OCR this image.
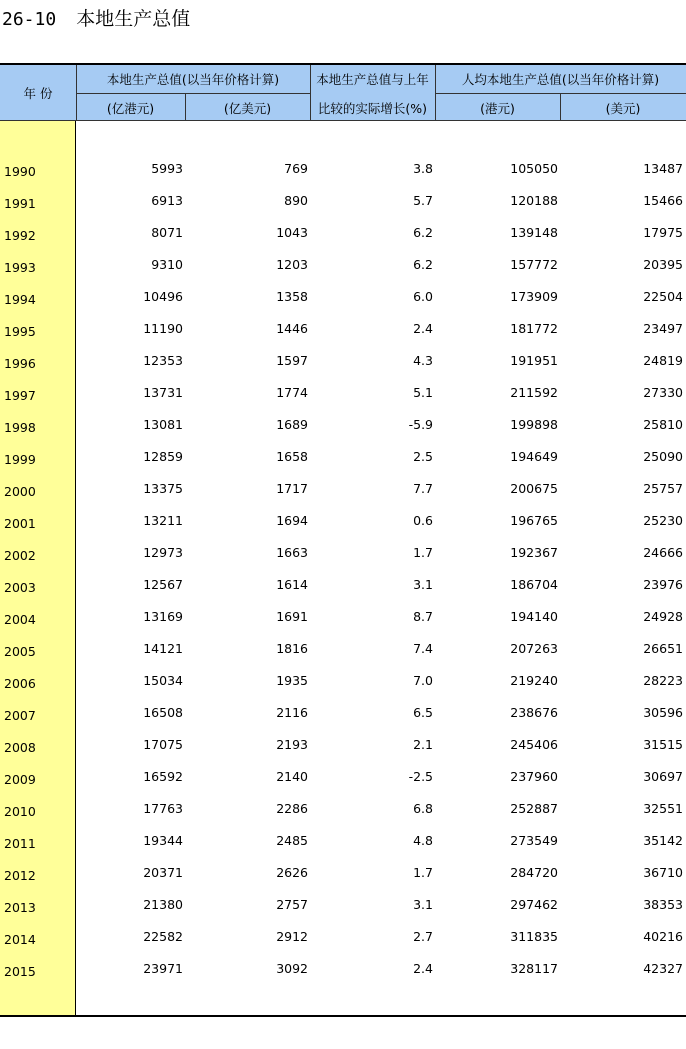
26-10 本地生产总值
年 份
本地生产总值(以当年价格计算)
(亿港元)	(亿美元)
本地生产总值与上年
比较的实际增长(%)
人均本地生产总值(以当年价格计算)
(港元)	(美元)
1990	5993	769	3.8	105050	13487
1991	6913	890	5.7	120188	15466
1992	8071	1043	6.2	139148	17975
1993	9310	1203	6.2	157772	20395
1994	10496	1358	6.0	173909	22504
1995	11190	1446	2.4	181772	23497
1996	12353	1597	4.3	191951	24819
1997	13731	1774	5.1	211592	27330
1998	13081	1689	-5.9	199898	25810
1999	12859	1658	2.5	194649	25090
2000	13375	1717	7.7	200675	25757
2001	13211	1694	0.6	196765	25230
2002	12973	1663	1.7	192367	24666
2003	12567	1614	3.1	186704	23976
2004	13169	1691	8.7	194140	24928
2005	14121	1816	7.4	207263	26651
2006	15034	1935	7.0	219240	28223
2007	16508	2116	6.5	238676	30596
2008	17075	2193	2.1	245406	31515
2009	16592	2140	-2.5	237960	30697
2010	17763	2286	6.8	252887	32551
2011	19344	2485	4.8	273549	35142
2012	20371	2626	1.7	284720	36710
2013	21380	2757	3.1	297462	38353
2014	22582	2912	2.7	311835	40216
2015	23971	3092	2.4	328117	42327
